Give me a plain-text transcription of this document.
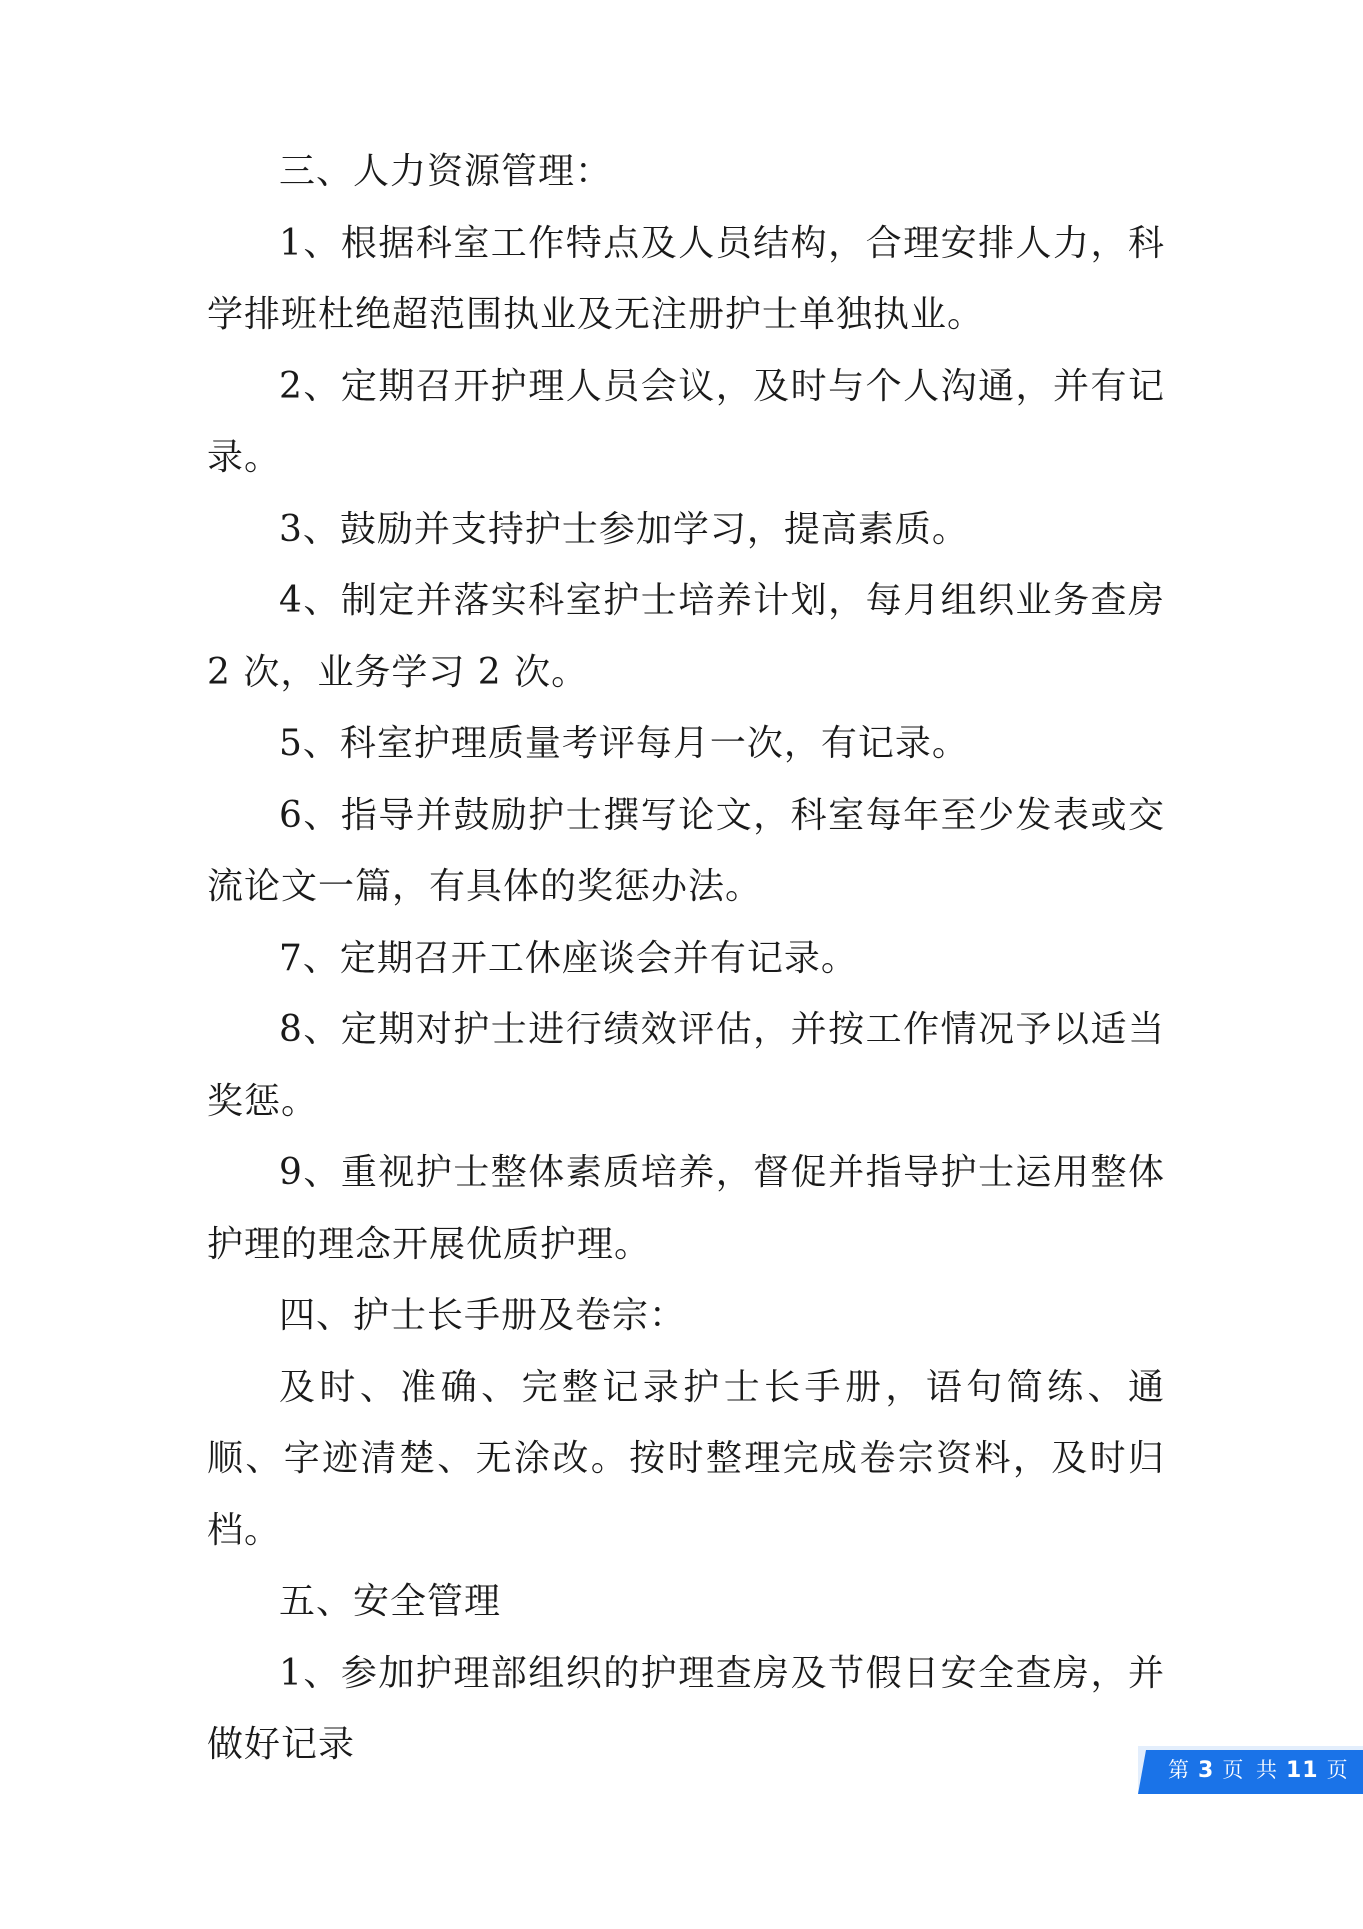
三、人力资源管理：

1、根据科室工作特点及人员结构，合理安排人力，科学排班杜绝超范围执业及无注册护士单独执业。

2、定期召开护理人员会议，及时与个人沟通，并有记录。

3、鼓励并支持护士参加学习，提高素质。

4、制定并落实科室护士培养计划，每月组织业务查房 2 次，业务学习 2 次。

5、科室护理质量考评每月一次，有记录。

6、指导并鼓励护士撰写论文，科室每年至少发表或交流论文一篇，有具体的奖惩办法。

7、定期召开工休座谈会并有记录。

8、定期对护士进行绩效评估，并按工作情况予以适当奖惩。

9、重视护士整体素质培养，督促并指导护士运用整体护理的理念开展优质护理。

四、护士长手册及卷宗：

及时、准确、完整记录护士长手册，语句简练、通顺、字迹清楚、无涂改。按时整理完成卷宗资料，及时归档。

五、安全管理

1、参加护理部组织的护理查房及节假日安全查房，并做好记录

第 3 页 共 11 页
